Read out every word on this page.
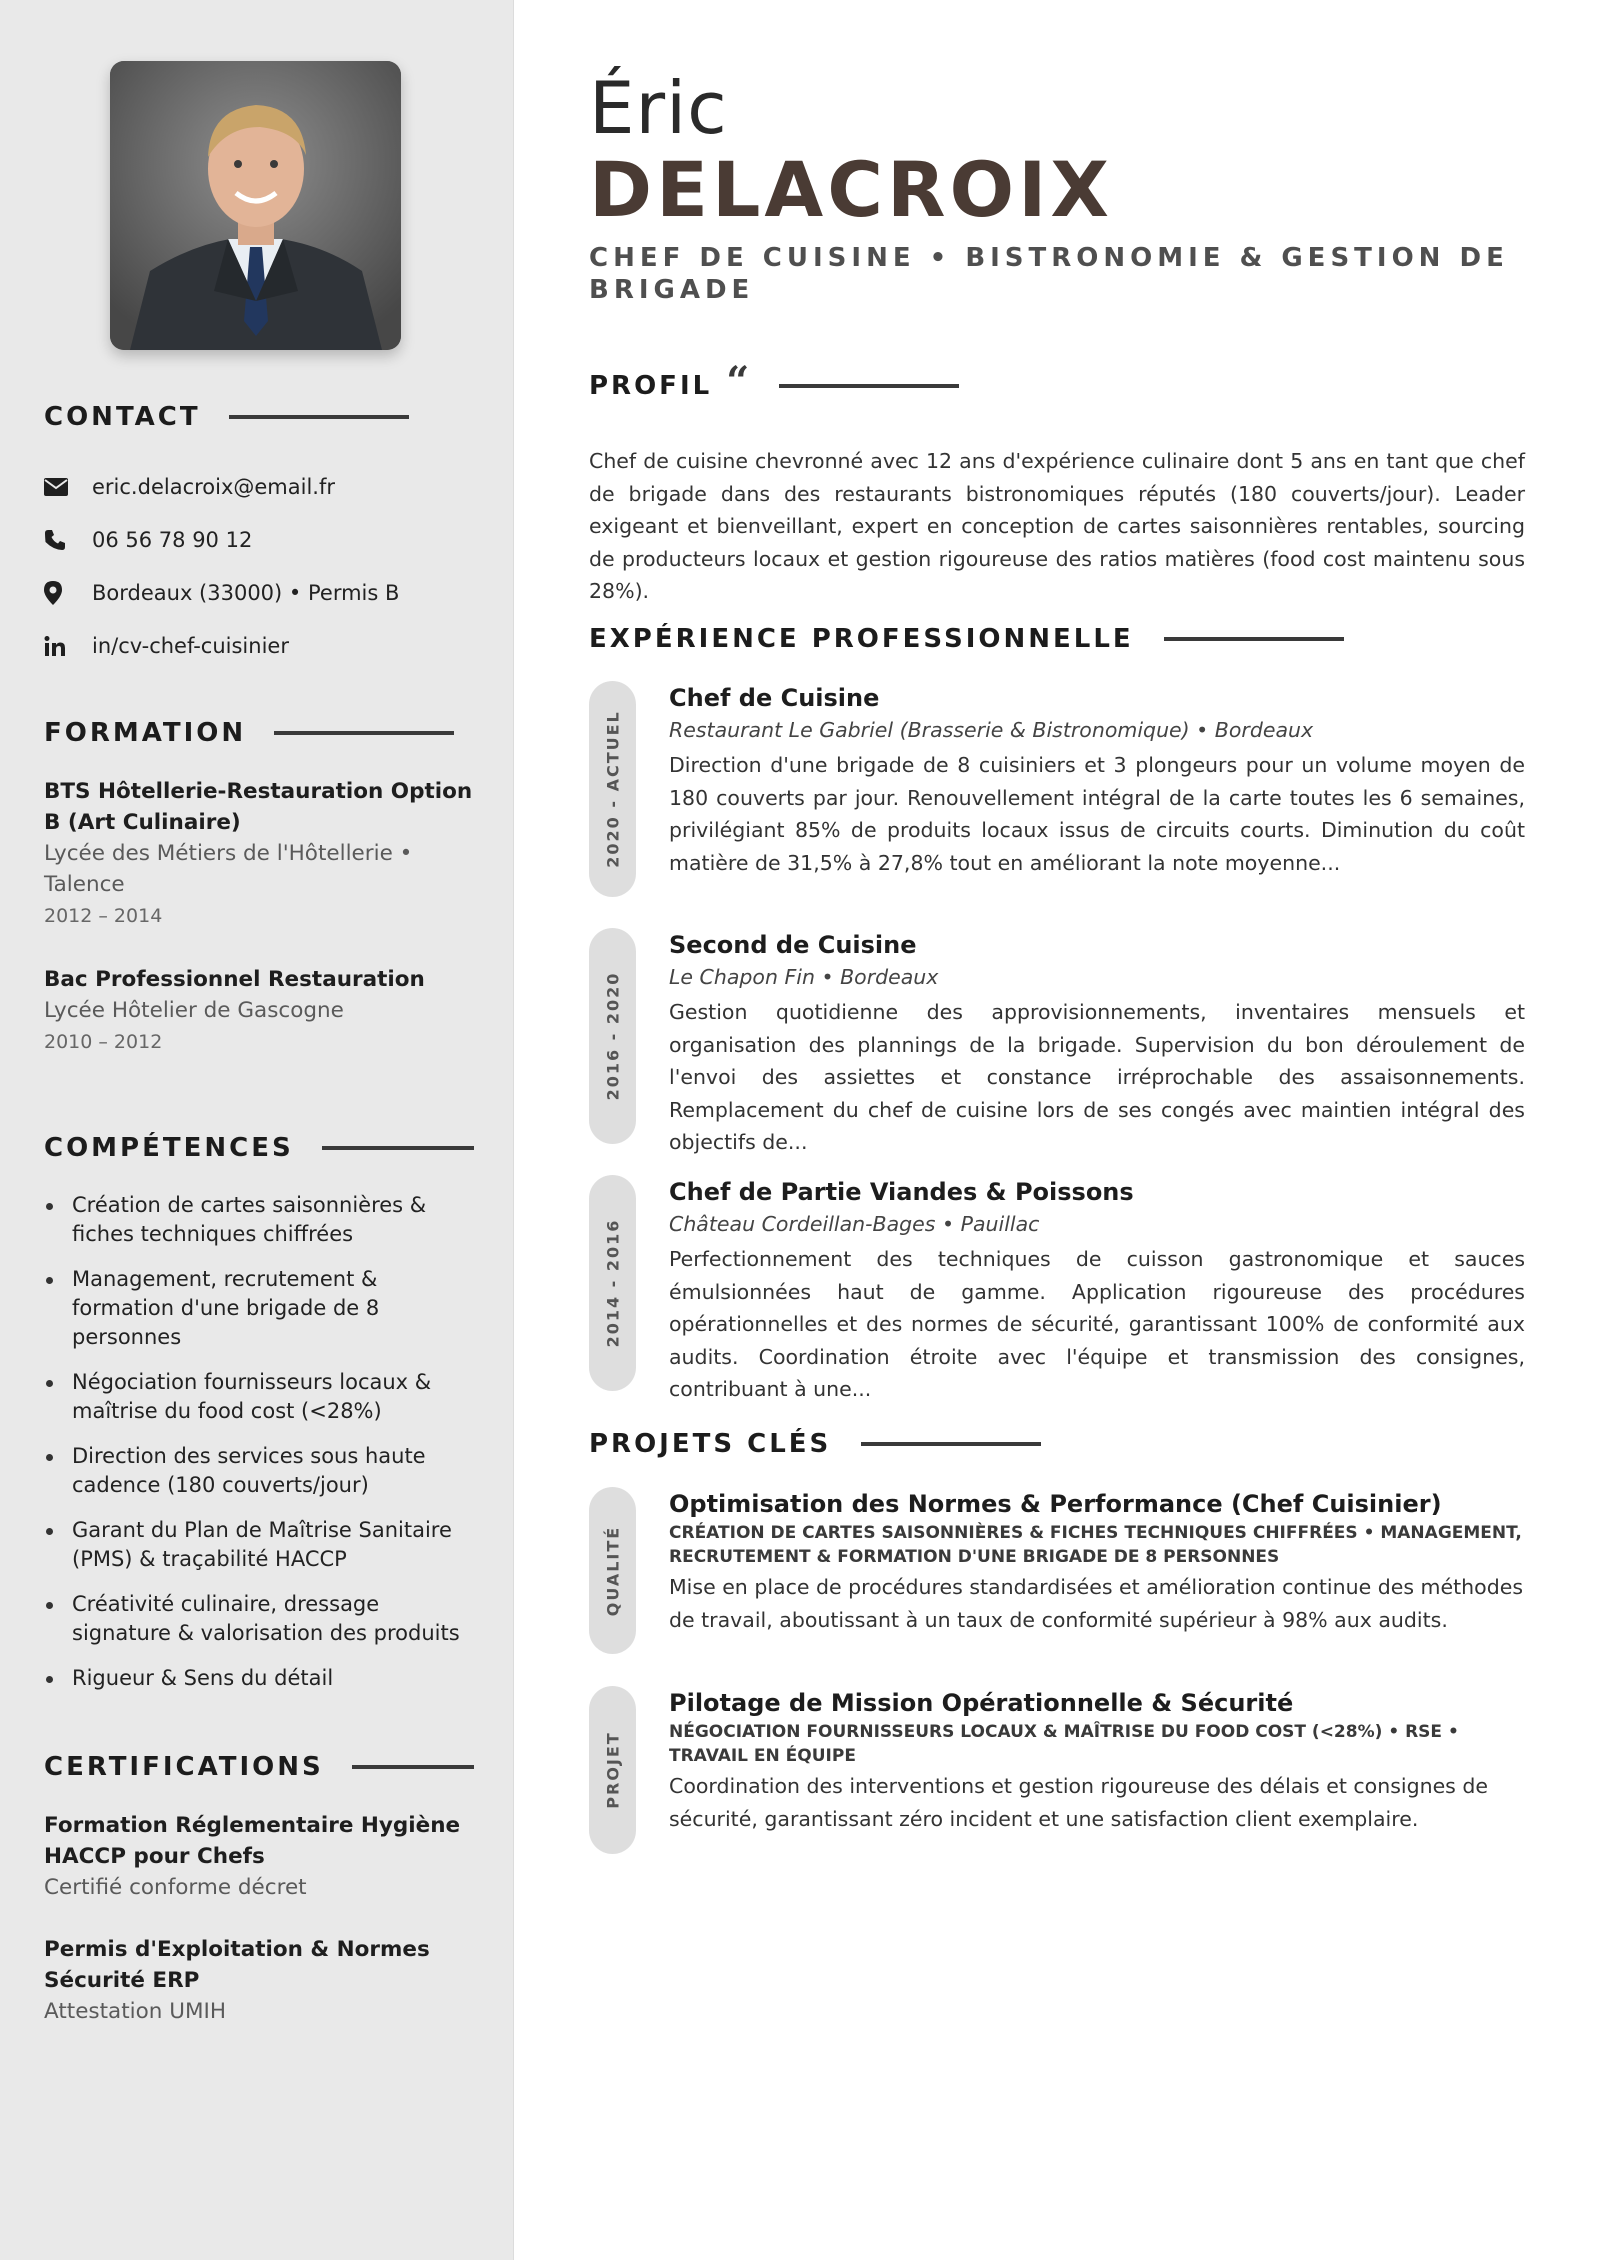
CONTACT
eric.delacroix@email.fr
06 56 78 90 12
Bordeaux (33000) • Permis B
in/cv-chef-cuisinier
FORMATION
BTS Hôtellerie-Restauration Option B (Art Culinaire)
Lycée des Métiers de l'Hôtellerie • Talence
2012 – 2014
Bac Professionnel Restauration
Lycée Hôtelier de Gascogne
2010 – 2012
COMPÉTENCES
Création de cartes saisonnières & fiches techniques chiffrées
Management, recrutement & formation d'une brigade de 8 personnes
Négociation fournisseurs locaux & maîtrise du food cost (<28%)
Direction des services sous haute cadence (180 couverts/jour)
Garant du Plan de Maîtrise Sanitaire (PMS) & traçabilité HACCP
Créativité culinaire, dressage signature & valorisation des produits
Rigueur & Sens du détail
CERTIFICATIONS
Formation Réglementaire Hygiène HACCP pour Chefs
Certifié conforme décret
Permis d'Exploitation & Normes Sécurité ERP
Attestation UMIH
Éric
DELACROIX
CHEF DE CUISINE • BISTRONOMIE & GESTION DE BRIGADE
PROFIL “

Chef de cuisine chevronné avec 12 ans d'expérience culinaire dont 5 ans en tant que chef de brigade dans des restaurants bistronomiques réputés (180 couverts/jour). Leader exigeant et bienveillant, expert en conception de cartes saisonnières rentables, sourcing de producteurs locaux et gestion rigoureuse des ratios matières (food cost maintenu sous 28%).

EXPÉRIENCE PROFESSIONNELLE
2020 - ACTUEL
Chef de Cuisine
Restaurant Le Gabriel (Brasserie & Bistronomique) • Bordeaux

Direction d'une brigade de 8 cuisiniers et 3 plongeurs pour un volume moyen de 180 couverts par jour. Renouvellement intégral de la carte toutes les 6 semaines, privilégiant 85% de produits locaux issus de circuits courts. Diminution du coût matière de 31,5% à 27,8% tout en améliorant la note moyenne...

2016 - 2020
Second de Cuisine
Le Chapon Fin • Bordeaux

Gestion quotidienne des approvisionnements, inventaires mensuels et organisation des plannings de la brigade. Supervision du bon déroulement de l'envoi des assiettes et constance irréprochable des assaisonnements. Remplacement du chef de cuisine lors de ses congés avec maintien intégral des objectifs de...

2014 - 2016
Chef de Partie Viandes & Poissons
Château Cordeillan-Bages • Pauillac

Perfectionnement des techniques de cuisson gastronomique et sauces émulsionnées haut de gamme. Application rigoureuse des procédures opérationnelles et des normes de sécurité, garantissant 100% de conformité aux audits. Coordination étroite avec l'équipe et transmission des consignes, contribuant à une...

PROJETS CLÉS
QUALITÉ
Optimisation des Normes & Performance (Chef Cuisinier)
CRÉATION DE CARTES SAISONNIÈRES & FICHES TECHNIQUES CHIFFRÉES • MANAGEMENT, RECRUTEMENT & FORMATION D'UNE BRIGADE DE 8 PERSONNES

Mise en place de procédures standardisées et amélioration continue des méthodes de travail, aboutissant à un taux de conformité supérieur à 98% aux audits.

PROJET
Pilotage de Mission Opérationnelle & Sécurité
NÉGOCIATION FOURNISSEURS LOCAUX & MAÎTRISE DU FOOD COST (<28%) • RSE • TRAVAIL EN ÉQUIPE

Coordination des interventions et gestion rigoureuse des délais et consignes de sécurité, garantissant zéro incident et une satisfaction client exemplaire.
